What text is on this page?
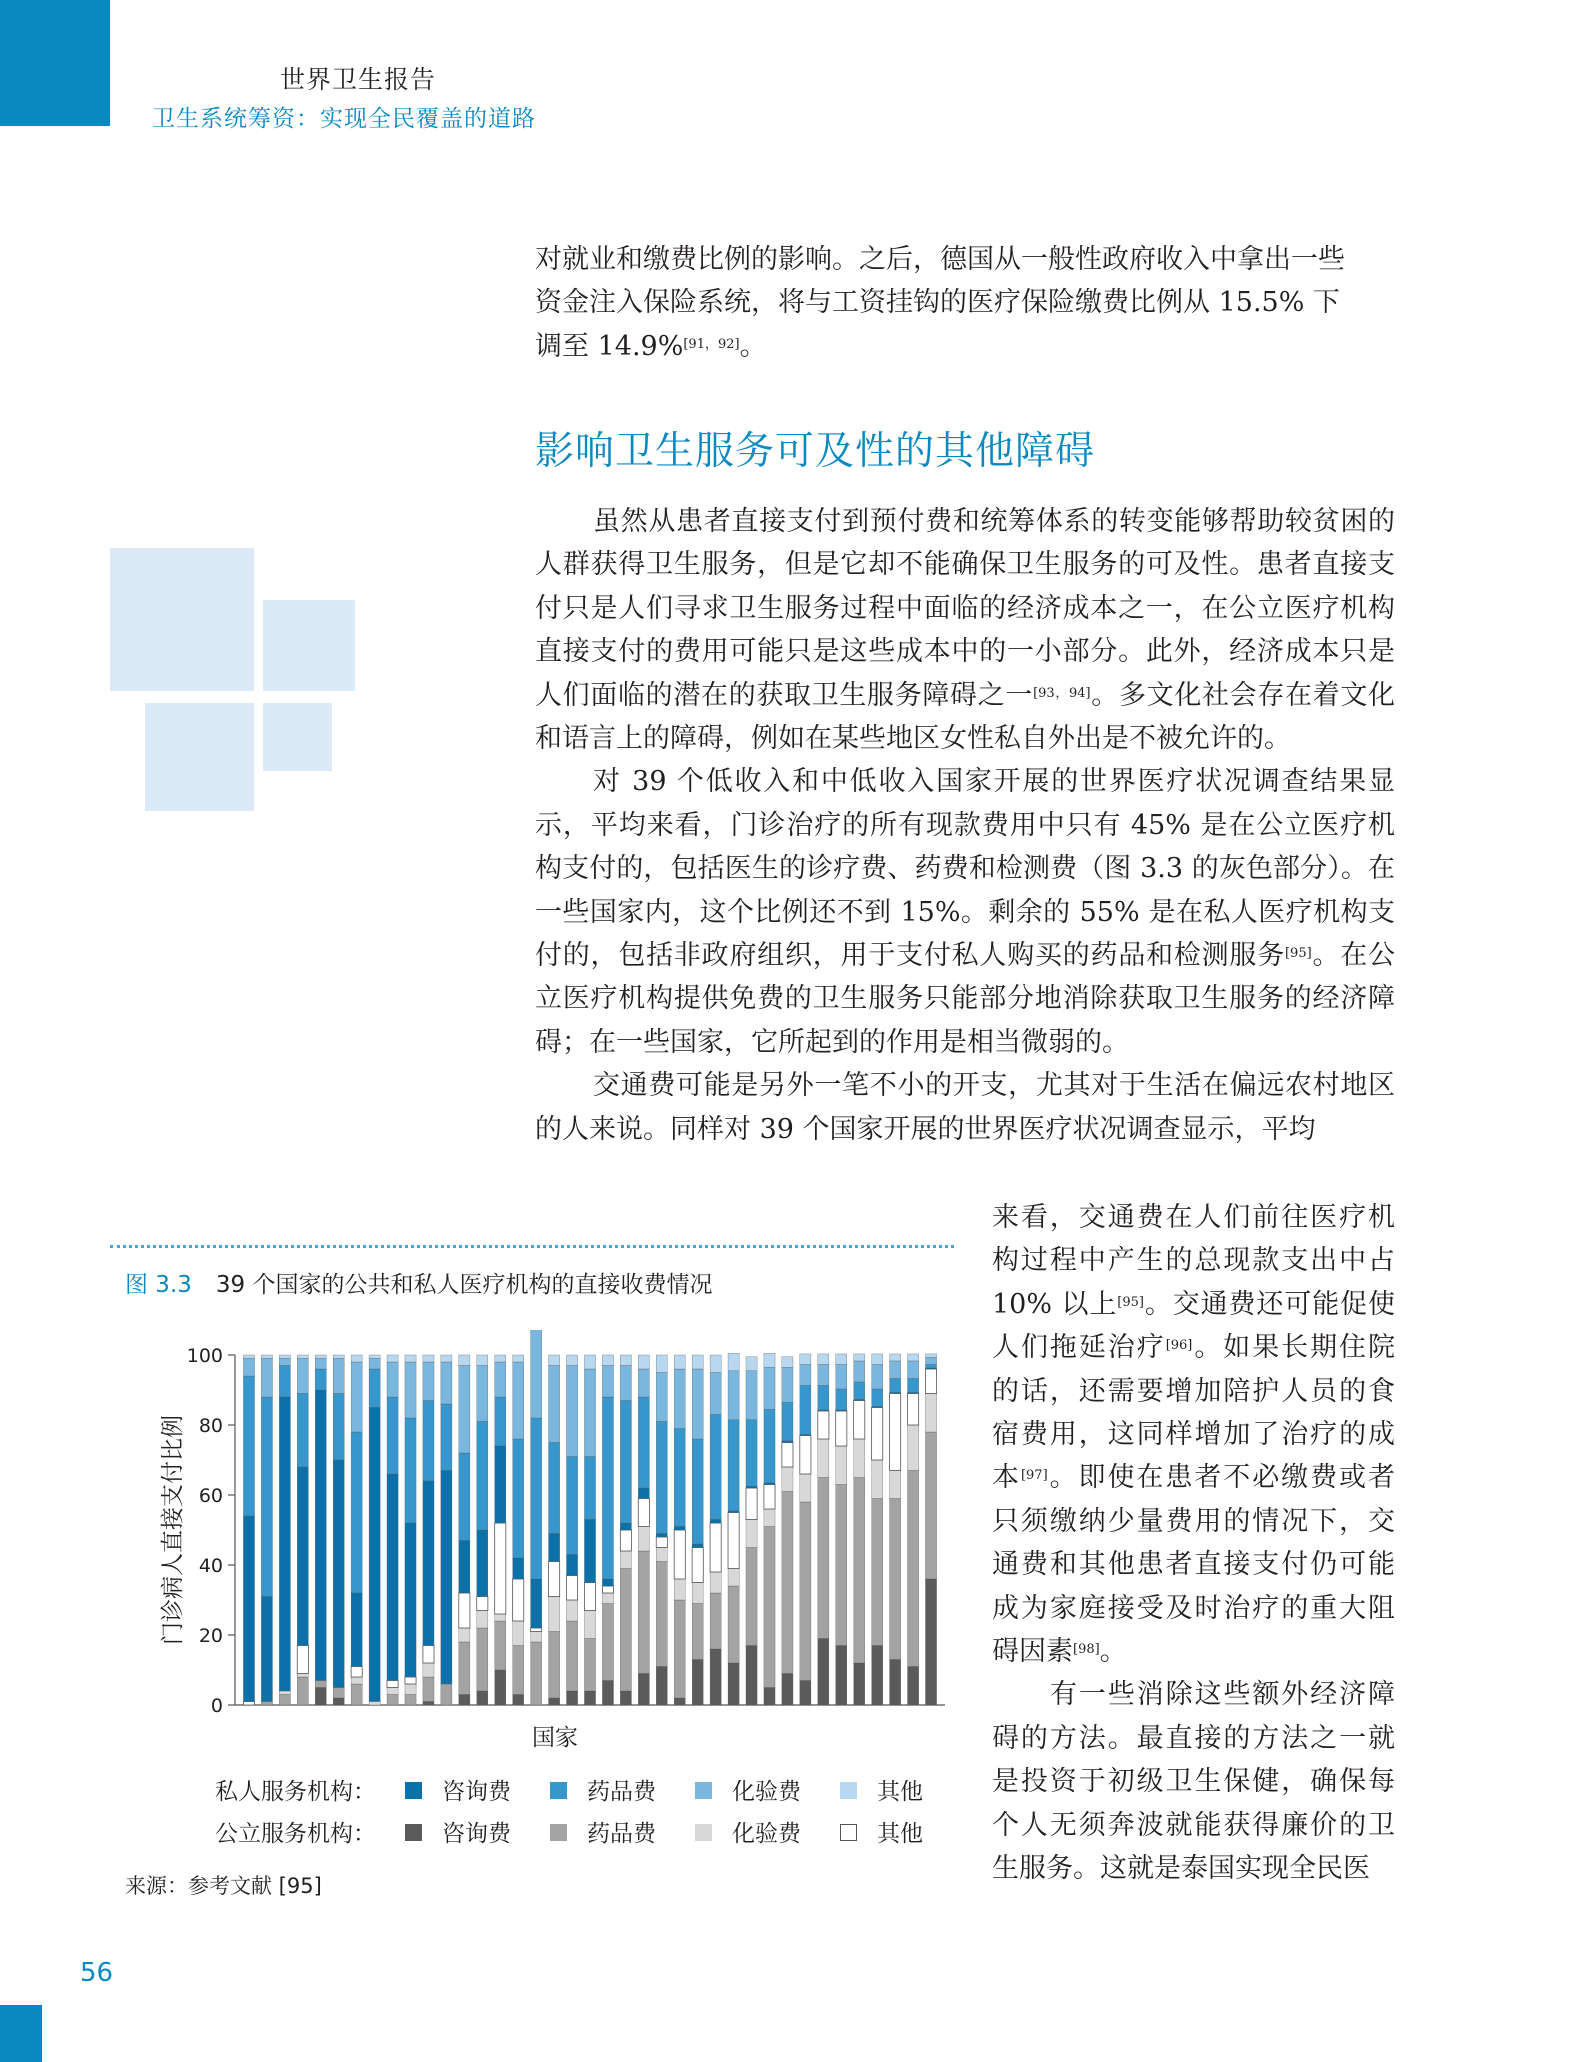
世界卫生报告
卫生系统筹资：实现全民覆盖的道路

对就业和缴费比例的影响。之后，德国从一般性政府收入中拿出一些
资金注入保险系统，将与工资挂钩的医疗保险缴费比例从 15.5% 下
调至 14.9%[91，92]。

影响卫生服务可及性的其他障碍

虽然从患者直接支付到预付费和统筹体系的转变能够帮助较贫困的人群获得卫生服务，但是它却不能确保卫生服务的可及性。患者直接支付只是人们寻求卫生服务过程中面临的经济成本之一，在公立医疗机构直接支付的费用可能只是这些成本中的一小部分。此外，经济成本只是人们面临的潜在的获取卫生服务障碍之一[93，94]。多文化社会存在着文化和语言上的障碍，例如在某些地区女性私自外出是不被允许的。

对 39 个低收入和中低收入国家开展的世界医疗状况调查结果显示，平均来看，门诊治疗的所有现款费用中只有 45% 是在公立医疗机构支付的，包括医生的诊疗费、药费和检测费（图 3.3 的灰色部分）。在一些国家内，这个比例还不到 15%。剩余的 55% 是在私人医疗机构支付的，包括非政府组织，用于支付私人购买的药品和检测服务[95]。在公立医疗机构提供免费的卫生服务只能部分地消除获取卫生服务的经济障碍；在一些国家，它所起到的作用是相当微弱的。

交通费可能是另外一笔不小的开支，尤其对于生活在偏远农村地区的人来说。同样对 39 个国家开展的世界医疗状况调查显示，平均

来看，交通费在人们前往医疗机构过程中产生的总现款支出中占 10% 以上[95]。交通费还可能促使人们拖延治疗[96]。如果长期住院的话，还需要增加陪护人员的食宿费用，这同样增加了治疗的成本[97]。即使在患者不必缴费或者只须缴纳少量费用的情况下，交通费和其他患者直接支付仍可能成为家庭接受及时治疗的重大阻碍因素[98]。

有一些消除这些额外经济障碍的方法。最直接的方法之一就是投资于初级卫生保健，确保每个人无须奔波就能获得廉价的卫生服务。这就是泰国实现全民医

图 3.3 39 个国家的公共和私人医疗机构的直接收费情况
0
20
40
60
80
100
门诊病人直接支付比例
国家
私人服务机构：	咨询费	药品费	化验费	其他
公立服务机构：	咨询费	药品费	化验费	其他
来源：参考文献 [95]
56
